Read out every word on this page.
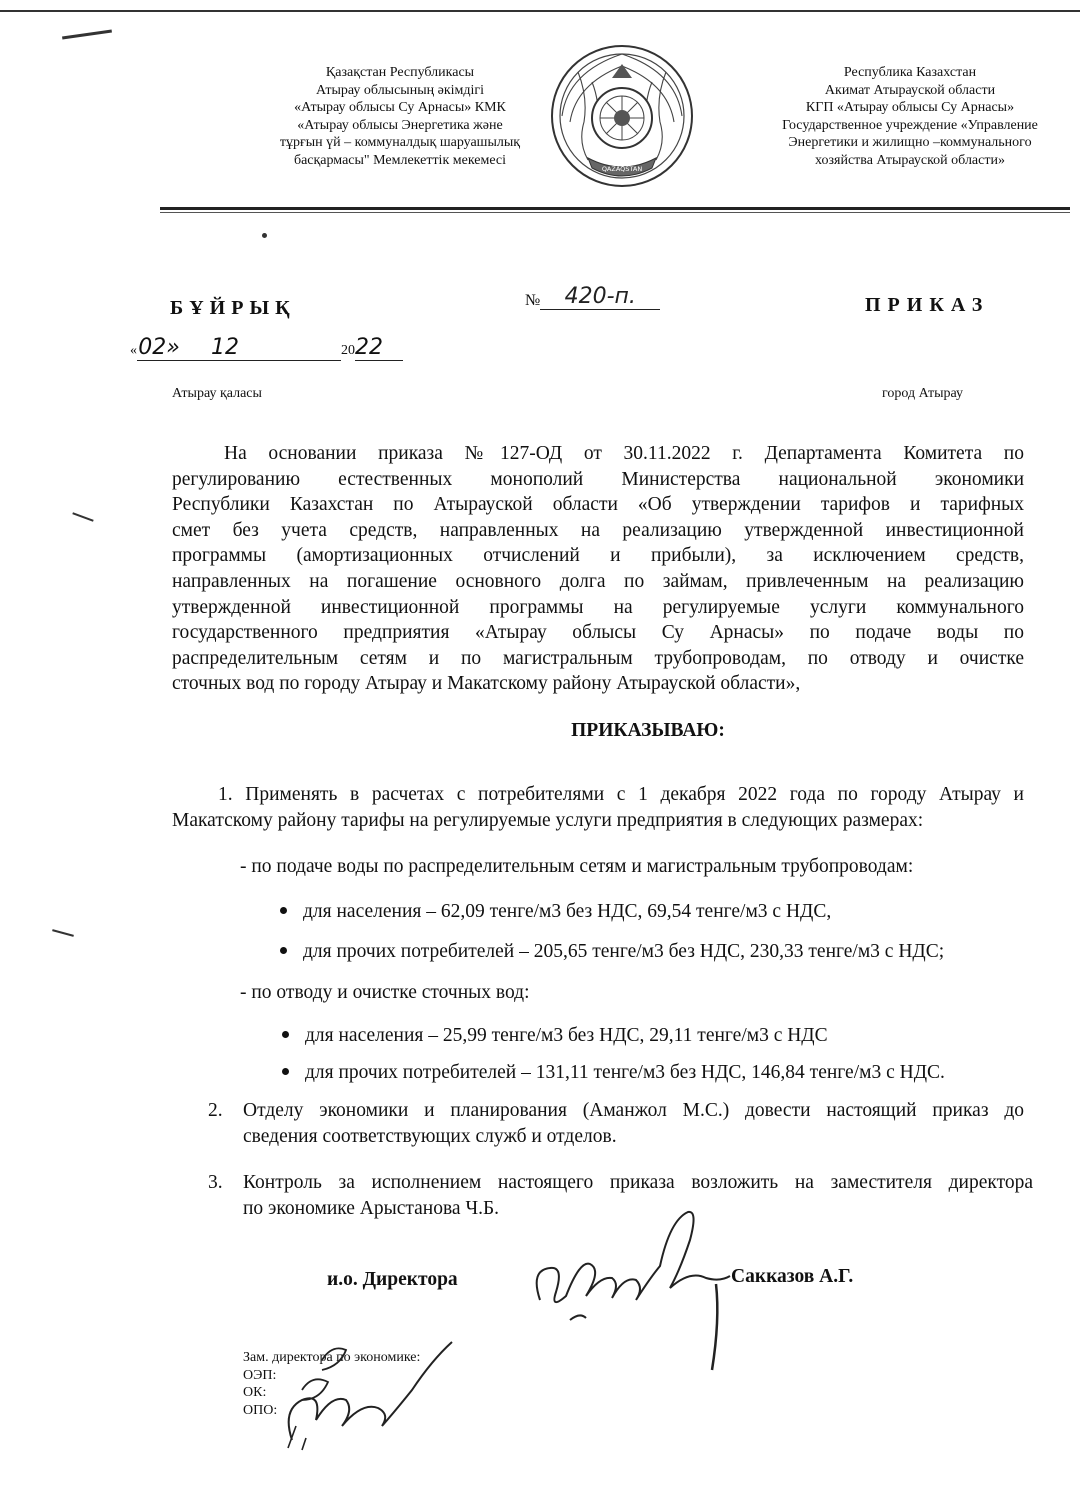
Қазақстан Республикасы
Атырау облысының әкімдігі
«Атырау облысы Су Арнасы» КМК
«Атырау облысы Энергетика және
тұрғын үй – коммуналдық шаруашылық
басқармасы" Мемлекеттік мекемесі
QAZAQSTAN
Республика Казахстан
Акимат Атырауской области
КГП «Атырау облысы Су Арнасы»
Государственное учреждение «Управление
Энергетики и жилищно –коммунального
хозяйства Атырауской области»
БҰЙРЫҚ	№ 420-п.	ПРИКАЗ
«02» 12	2022
Атырау қаласы	город Атырау
На основании приказа №127-ОД от 30.11.2022 г. Департамента Комитета по
регулированию естественных монополий Министерства национальной экономики
Республики Казахстан по Атырауской области «Об утверждении тарифов и тарифных
смет без учета средств, направленных на реализацию утвержденной инвестиционной
программы (амортизационных отчислений и прибыли), за исключением средств,
направленных на погашение основного долга по займам, привлеченным на реализацию
утвержденной инвестиционной программы на регулируемые услуги коммунального
государственного предприятия «Атырау облысы Су Арнасы» по подаче воды по
распределительным сетям и по магистральным трубопроводам, по отводу и очистке
сточных вод по городу Атырау и Макатскому району Атырауской области»,
ПРИКАЗЫВАЮ:
1. Применять в расчетах с потребителями с 1 декабря 2022 года по городу Атырау и
Макатскому району тарифы на регулируемые услуги предприятия в следующих размерах:
- по подаче воды по распределительным сетям и магистральным трубопроводам:
для населения – 62,09 тенге/м3 без НДС, 69,54 тенге/м3 с НДС,
для прочих потребителей – 205,65 тенге/м3 без НДС, 230,33 тенге/м3 с НДС;
- по отводу и очистке сточных вод:
для населения – 25,99 тенге/м3 без НДС, 29,11 тенге/м3 с НДС
для прочих потребителей – 131,11 тенге/м3 без НДС, 146,84 тенге/м3 с НДС.
2. Отделу экономики и планирования (Аманжол М.С.) довести настоящий приказ до
сведения соответствующих служб и отделов.
3. Контроль за исполнением настоящего приказа возложить на заместителя директора
по экономике Арыстанова Ч.Б.
и.о. Директора	Сакказов А.Г.
Зам. директора по экономике:
ОЭП:
ОК:
ОПО:
